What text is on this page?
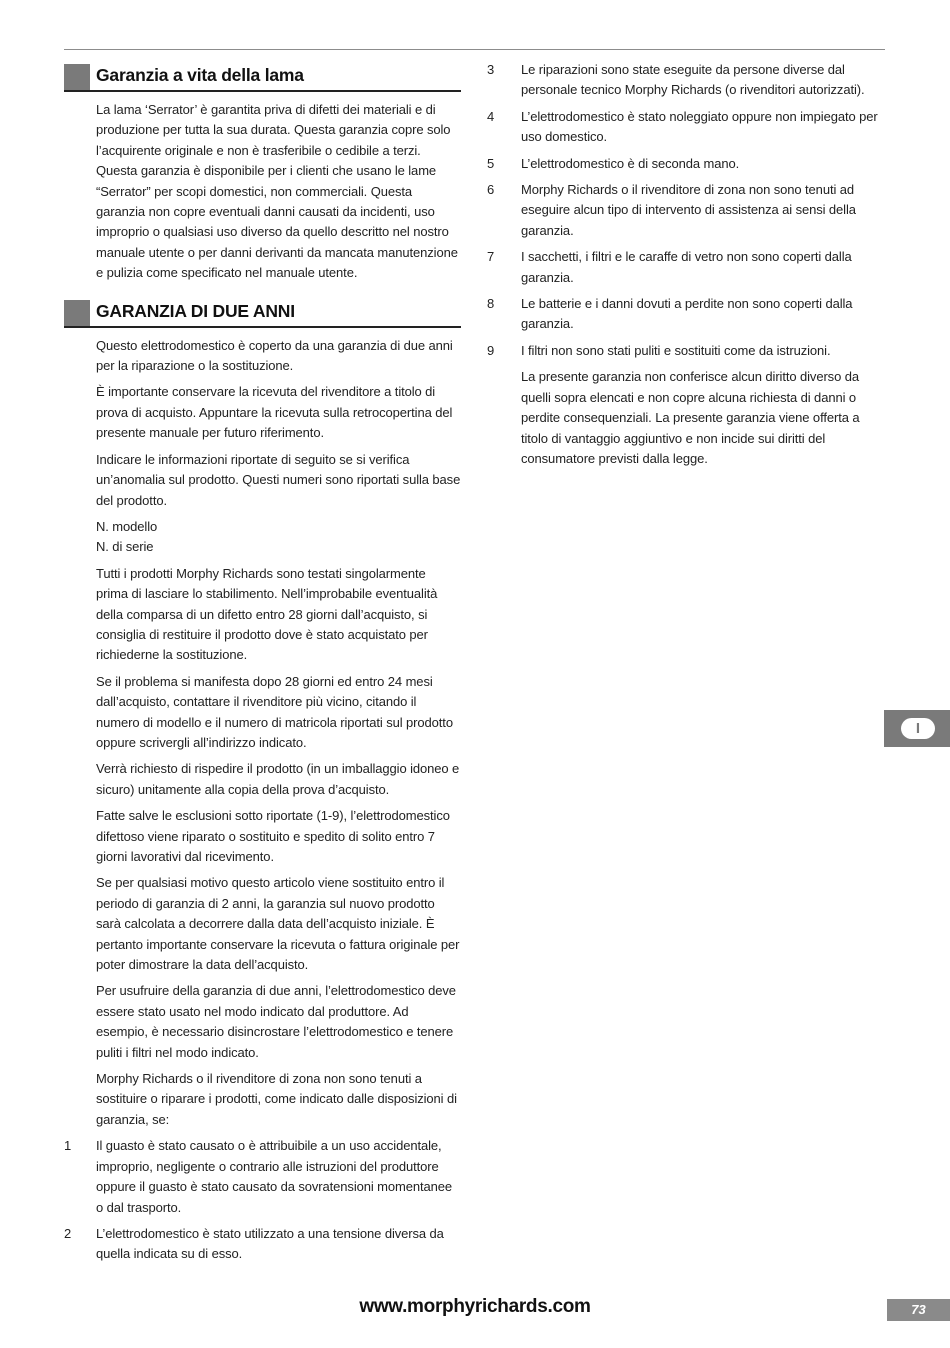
Garanzia a vita della lama

La lama ‘Serrator’ è garantita priva di difetti dei materiali e di produzione per tutta la sua durata. Questa garanzia copre solo l’acquirente originale e non è trasferibile o cedibile a terzi. Questa garanzia è disponibile per i clienti che usano le lame “Serrator” per scopi domestici, non commerciali. Questa garanzia non copre eventuali danni causati da incidenti, uso improprio o qualsiasi uso diverso da quello descritto nel nostro manuale utente o per danni derivanti da mancata manutenzione e pulizia come specificato nel manuale utente.

GARANZIA DI DUE ANNI

Questo elettrodomestico è coperto da una garanzia di due anni per la riparazione o la sostituzione.

È importante conservare la ricevuta del rivenditore a titolo di prova di acquisto. Appuntare la ricevuta sulla retrocopertina del presente manuale per futuro riferimento.

Indicare le informazioni riportate di seguito se si verifica un’anomalia sul prodotto. Questi numeri sono riportati sulla base del prodotto.

N. modello

N. di serie

Tutti i prodotti Morphy Richards sono testati singolarmente prima di lasciare lo stabilimento. Nell’improbabile eventualità della comparsa di un difetto entro 28 giorni dall’acquisto, si consiglia di restituire il prodotto dove è stato acquistato per richiederne la sostituzione.

Se il problema si manifesta dopo 28 giorni ed entro 24 mesi dall’acquisto, contattare il rivenditore più vicino, citando il numero di modello e il numero di matricola riportati sul prodotto oppure scrivergli all’indirizzo indicato.

Verrà richiesto di rispedire il prodotto (in un imballaggio idoneo e sicuro) unitamente alla copia della prova d’acquisto.

Fatte salve le esclusioni sotto riportate (1-9), l’elettrodomestico difettoso viene riparato o sostituito e spedito di solito entro 7 giorni lavorativi dal ricevimento.

Se per qualsiasi motivo questo articolo viene sostituito entro il periodo di garanzia di 2 anni, la garanzia sul nuovo prodotto sarà calcolata a decorrere dalla data dell’acquisto iniziale. È pertanto importante conservare la ricevuta o fattura originale per poter dimostrare la data dell’acquisto.

Per usufruire della garanzia di due anni, l’elettrodomestico deve essere stato usato nel modo indicato dal produttore. Ad esempio, è necessario disincrostare l’elettrodomestico e tenere puliti i filtri nel modo indicato.

Morphy Richards o il rivenditore di zona non sono tenuti a sostituire o riparare i prodotti, come indicato dalle disposizioni di garanzia, se:

1 Il guasto è stato causato o è attribuibile a un uso accidentale, improprio, negligente o contrario alle istruzioni del produttore oppure il guasto è stato causato da sovratensioni momentanee o dal trasporto.
2 L’elettrodomestico è stato utilizzato a una tensione diversa da quella indicata su di esso.
3 Le riparazioni sono state eseguite da persone diverse dal personale tecnico Morphy Richards (o rivenditori autorizzati).
4 L’elettrodomestico è stato noleggiato oppure non impiegato per uso domestico.
5 L’elettrodomestico è di seconda mano.
6 Morphy Richards o il rivenditore di zona non sono tenuti ad eseguire alcun tipo di intervento di assistenza ai sensi della garanzia.
7 I sacchetti, i filtri e le caraffe di vetro non sono coperti dalla garanzia.
8 Le batterie e i danni dovuti a perdite non sono coperti dalla garanzia.
9 I filtri non sono stati puliti e sostituiti come da istruzioni.

La presente garanzia non conferisce alcun diritto diverso da quelli sopra elencati e non copre alcuna richiesta di danni o perdite consequenziali. La presente garanzia viene offerta a titolo di vantaggio aggiuntivo e non incide sui diritti del consumatore previsti dalla legge.

I
www.morphyrichards.com	73
